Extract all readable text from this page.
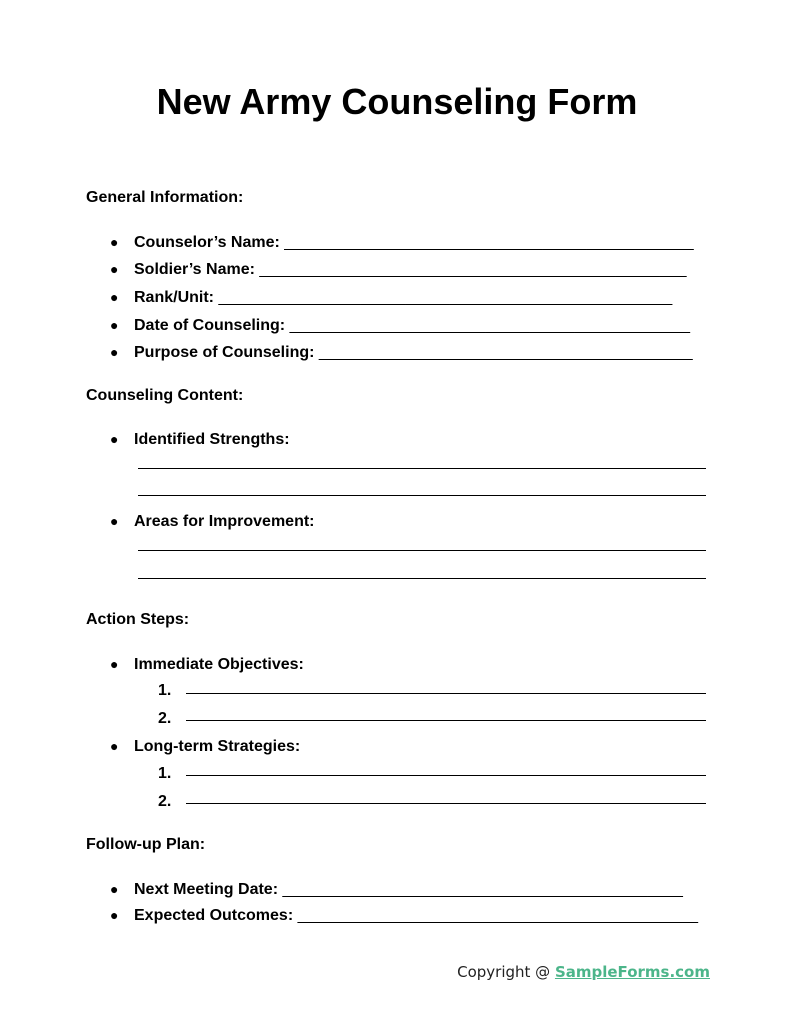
New Army Counseling Form
General Information:
● Counselor’s Name: ______________________________________________
● Soldier’s Name: ________________________________________________
● Rank/Unit: ___________________________________________________
● Date of Counseling: _____________________________________________
● Purpose of Counseling: __________________________________________
Counseling Content:
● Identified Strengths:
● Areas for Improvement:
Action Steps:
● Immediate Objectives:
1.
2.
● Long-term Strategies:
1.
2.
Follow-up Plan:
● Next Meeting Date: _____________________________________________
● Expected Outcomes: _____________________________________________
Copyright @ SampleForms.com
